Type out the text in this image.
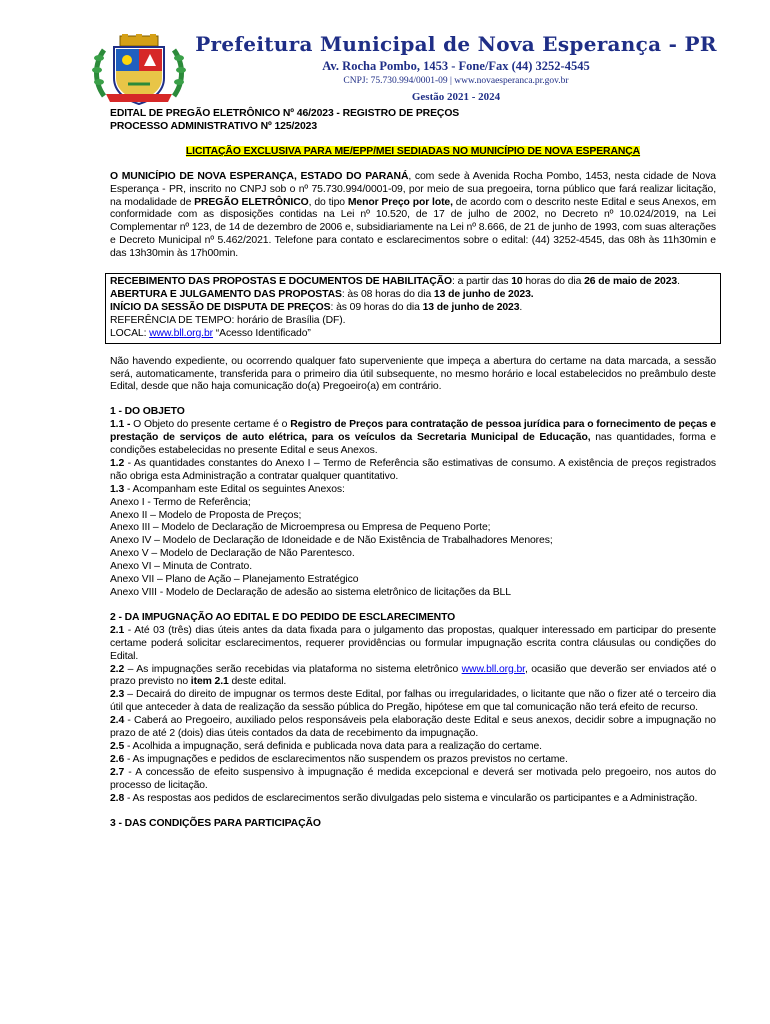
Prefeitura Municipal de Nova Esperança - PR
Av. Rocha Pombo, 1453 - Fone/Fax (44) 3252-4545
CNPJ: 75.730.994/0001-09 | www.novaesperanca.pr.gov.br
Gestão 2021 - 2024

EDITAL DE PREGÃO ELETRÔNICO Nº 46/2023 - REGISTRO DE PREÇOS

PROCESSO ADMINISTRATIVO Nº 125/2023

LICITAÇÃO EXCLUSIVA PARA ME/EPP/MEI SEDIADAS NO MUNICÍPIO DE NOVA ESPERANÇA

O MUNICÍPIO DE NOVA ESPERANÇA, ESTADO DO PARANÁ, com sede à Avenida Rocha Pombo, 1453, nesta cidade de Nova Esperança - PR, inscrito no CNPJ sob o nº 75.730.994/0001-09, por meio de sua pregoeira, torna público que fará realizar licitação, na modalidade de PREGÃO ELETRÔNICO, do tipo Menor Preço por lote, de acordo com o descrito neste Edital e seus Anexos, em conformidade com as disposições contidas na Lei nº 10.520, de 17 de julho de 2002, no Decreto nº 10.024/2019, na Lei Complementar nº 123, de 14 de dezembro de 2006 e, subsidiariamente na Lei nº 8.666, de 21 de junho de 1993, com suas alterações e Decreto Municipal nº 5.462/2021. Telefone para contato e esclarecimentos sobre o edital: (44) 3252-4545, das 08h às 11h30min e das 13h30min às 17h00min.

RECEBIMENTO DAS PROPOSTAS E DOCUMENTOS DE HABILITAÇÃO: a partir das 10 horas do dia 26 de maio de 2023.

ABERTURA E JULGAMENTO DAS PROPOSTAS: às 08 horas do dia 13 de junho de 2023.

INÍCIO DA SESSÃO DE DISPUTA DE PREÇOS: às 09 horas do dia 13 de junho de 2023.

REFERÊNCIA DE TEMPO: horário de Brasília (DF).

LOCAL: www.bll.org.br “Acesso Identificado”

Não havendo expediente, ou ocorrendo qualquer fato superveniente que impeça a abertura do certame na data marcada, a sessão será, automaticamente, transferida para o primeiro dia útil subsequente, no mesmo horário e local estabelecidos no preâmbulo deste Edital, desde que não haja comunicação do(a) Pregoeiro(a) em contrário.

1 - DO OBJETO

1.1 - O Objeto do presente certame é o Registro de Preços para contratação de pessoa jurídica para o fornecimento de peças e prestação de serviços de auto elétrica, para os veículos da Secretaria Municipal de Educação, nas quantidades, forma e condições estabelecidas no presente Edital e seus Anexos.

1.2 - As quantidades constantes do Anexo I – Termo de Referência são estimativas de consumo. A existência de preços registrados não obriga esta Administração a contratar qualquer quantitativo.

1.3 - Acompanham este Edital os seguintes Anexos:

Anexo I - Termo de Referência;

Anexo II – Modelo de Proposta de Preços;

Anexo III – Modelo de Declaração de Microempresa ou Empresa de Pequeno Porte;

Anexo IV – Modelo de Declaração de Idoneidade e de Não Existência de Trabalhadores Menores;

Anexo V – Modelo de Declaração de Não Parentesco.

Anexo VI – Minuta de Contrato.

Anexo VII – Plano de Ação – Planejamento Estratégico

Anexo VIII - Modelo de Declaração de adesão ao sistema eletrônico de licitações da BLL

2 - DA IMPUGNAÇÃO AO EDITAL E DO PEDIDO DE ESCLARECIMENTO

2.1 - Até 03 (três) dias úteis antes da data fixada para o julgamento das propostas, qualquer interessado em participar do presente certame poderá solicitar esclarecimentos, requerer providências ou formular impugnação escrita contra cláusulas ou condições do Edital.

2.2 – As impugnações serão recebidas via plataforma no sistema eletrônico www.bll.org.br, ocasião que deverão ser enviados até o prazo previsto no item 2.1 deste edital.

2.3 – Decairá do direito de impugnar os termos deste Edital, por falhas ou irregularidades, o licitante que não o fizer até o terceiro dia útil que anteceder à data de realização da sessão pública do Pregão, hipótese em que tal comunicação não terá efeito de recurso.

2.4 - Caberá ao Pregoeiro, auxiliado pelos responsáveis pela elaboração deste Edital e seus anexos, decidir sobre a impugnação no prazo de até 2 (dois) dias úteis contados da data de recebimento da impugnação.

2.5 - Acolhida a impugnação, será definida e publicada nova data para a realização do certame.

2.6 - As impugnações e pedidos de esclarecimentos não suspendem os prazos previstos no certame.

2.7 - A concessão de efeito suspensivo à impugnação é medida excepcional e deverá ser motivada pelo pregoeiro, nos autos do processo de licitação.

2.8 - As respostas aos pedidos de esclarecimentos serão divulgadas pelo sistema e vincularão os participantes e a Administração.

3 - DAS CONDIÇÕES PARA PARTICIPAÇÃO
